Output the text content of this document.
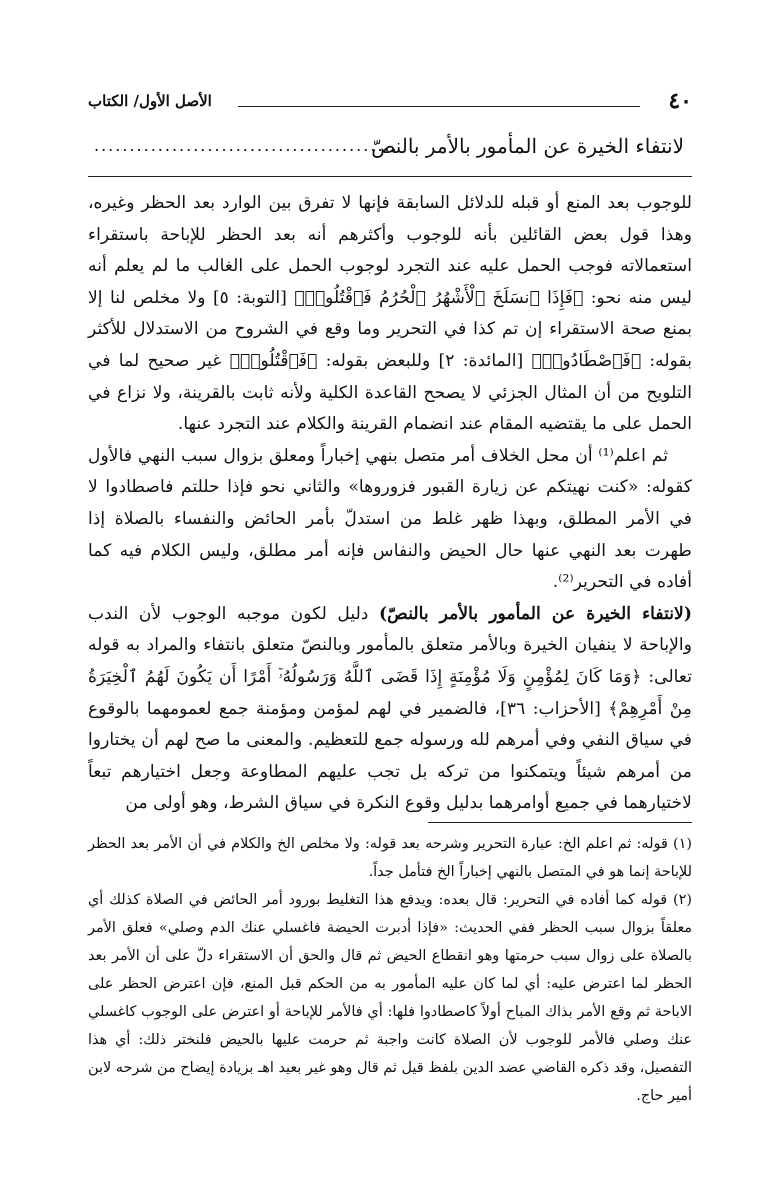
٤٠
الأصل الأول/ الكتاب
لانتفاء الخيرة عن المأمور بالأمر بالنصّ
...........................................

للوجوب بعد المنع أو قبله للدلائل السابقة فإنها لا تفرق بين الوارد بعد الحظر وغيره، وهذا قول بعض القائلين بأنه للوجوب وأكثرهم أنه بعد الحظر للإباحة باستقراء استعمالاته فوجب الحمل عليه عند التجرد لوجوب الحمل على الغالب ما لم يعلم أنه ليس منه نحو: ﴿فَإِذَا ٱنسَلَخَ ٱلْأَشْهُرُ ٱلْحُرُمُ فَٱقْتُلُوا۟﴾ [التوبة: ٥] ولا مخلص لنا إلا بمنع صحة الاستقراء إن تم كذا في التحرير وما وقع في الشروح من الاستدلال للأكثر بقوله: ﴿فَٱصْطَادُوا۟﴾ [المائدة: ٢] وللبعض بقوله: ﴿فَٱقْتُلُوا۟﴾ غير صحيح لما في التلويح من أن المثال الجزئي لا يصحح القاعدة الكلية ولأنه ثابت بالقرينة، ولا نزاع في الحمل على ما يقتضيه المقام عند انضمام القرينة والكلام عند التجرد عنها.

ثم اعلم⁽¹⁾ أن محل الخلاف أمر متصل بنهي إخباراً ومعلق بزوال سبب النهي فالأول كقوله: «كنت نهيتكم عن زيارة القبور فزوروها» والثاني نحو فإذا حللتم فاصطادوا لا في الأمر المطلق، وبهذا ظهر غلط من استدلّ بأمر الحائض والنفساء بالصلاة إذا طهرت بعد النهي عنها حال الحيض والنفاس فإنه أمر مطلق، وليس الكلام فيه كما أفاده في التحرير⁽²⁾.

(لانتفاء الخيرة عن المأمور بالأمر بالنصّ) دليل لكون موجبه الوجوب لأن الندب والإباحة لا ينفيان الخيرة وبالأمر متعلق بالمأمور وبالنصّ متعلق بانتفاء والمراد به قوله تعالى: ﴿وَمَا كَانَ لِمُؤْمِنٍ وَلَا مُؤْمِنَةٍ إِذَا قَضَى ٱللَّهُ وَرَسُولُهُۥٓ أَمْرًا أَن يَكُونَ لَهُمُ ٱلْخِيَرَةُ مِنْ أَمْرِهِمْ﴾ [الأحزاب: ٣٦]، فالضمير في لهم لمؤمن ومؤمنة جمع لعمومهما بالوقوع في سياق النفي وفي أمرهم لله ورسوله جمع للتعظيم. والمعنى ما صح لهم أن يختاروا من أمرهم شيئاً ويتمكنوا من تركه بل تجب عليهم المطاوعة وجعل اختيارهم تبعاً لاختيارهما في جميع أوامرهما بدليل وقوع النكرة في سياق الشرط، وهو أولى من

(١) قوله: ثم اعلم الخ: عبارة التحرير وشرحه بعد قوله: ولا مخلص الخ والكلام في أن الأمر بعد الحظر للإباحة إنما هو في المتصل بالنهي إخباراً الخ فتأمل جداً.

(٢) قوله كما أفاده في التحرير: قال بعده: ويدفع هذا التغليط بورود أمر الحائض في الصلاة كذلك أي معلقاً بزوال سبب الحظر ففي الحديث: «فإذا أدبرت الحيضة فاغسلي عنك الدم وصلي» فعلق الأمر بالصلاة على زوال سبب حرمتها وهو انقطاع الحيض ثم قال والحق أن الاستقراء دلّ على أن الأمر بعد الحظر لما اعترض عليه: أي لما كان عليه المأمور به من الحكم قبل المنع، فإن اعترض الحظر على الاباحة ثم وقع الأمر بذاك المباح أولاً كاصطادوا فلها: أي فالأمر للإباحة أو اعترض على الوجوب كاغسلي عنك وصلي فالأمر للوجوب لأن الصلاة كانت واجبة ثم حرمت عليها بالحيض فلنختر ذلك: أي هذا التفصيل، وقد ذكره القاضي عضد الدين بلفظ قيل ثم قال وهو غير بعيد اهـ بزيادة إيضاح من شرحه لابن أمير حاج.
